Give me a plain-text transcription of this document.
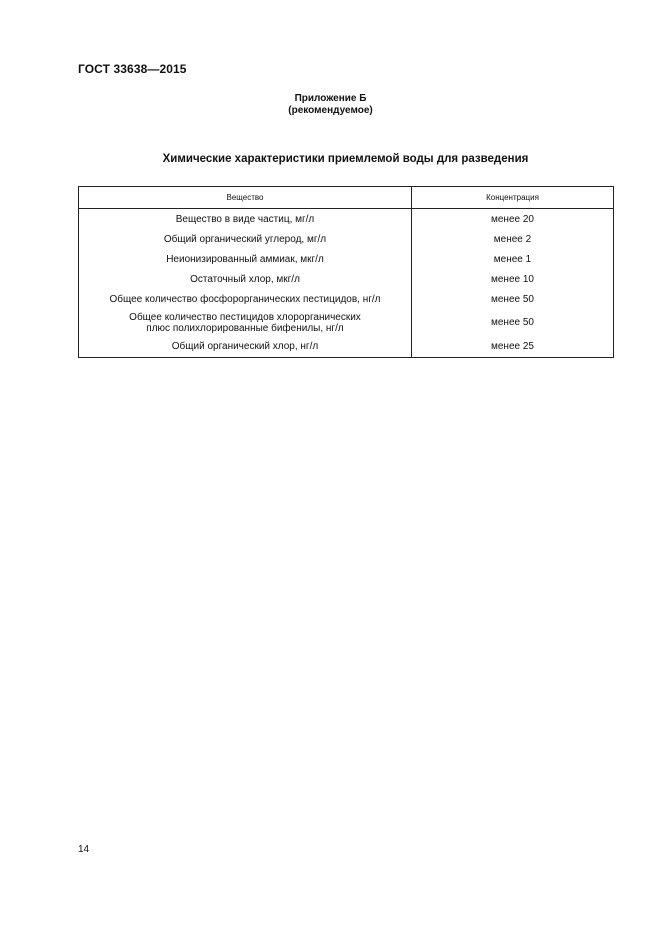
ГОСТ 33638—2015
Приложение Б
(рекомендуемое)
Химические характеристики приемлемой воды для разведения
Вещество	Концентрация
Вещество в виде частиц, мг/л	менее 20
Общий органический углерод, мг/л	менее 2
Неионизированный аммиак, мкг/л	менее 1
Остаточный хлор, мкг/л	менее 10
Общее количество фосфорорганических пестицидов, нг/л	менее 50
Общее количество пестицидов хлорорганических
плюс полихлорированные бифенилы, нг/л	менее 50
Общий органический хлор, нг/л	менее 25
14
